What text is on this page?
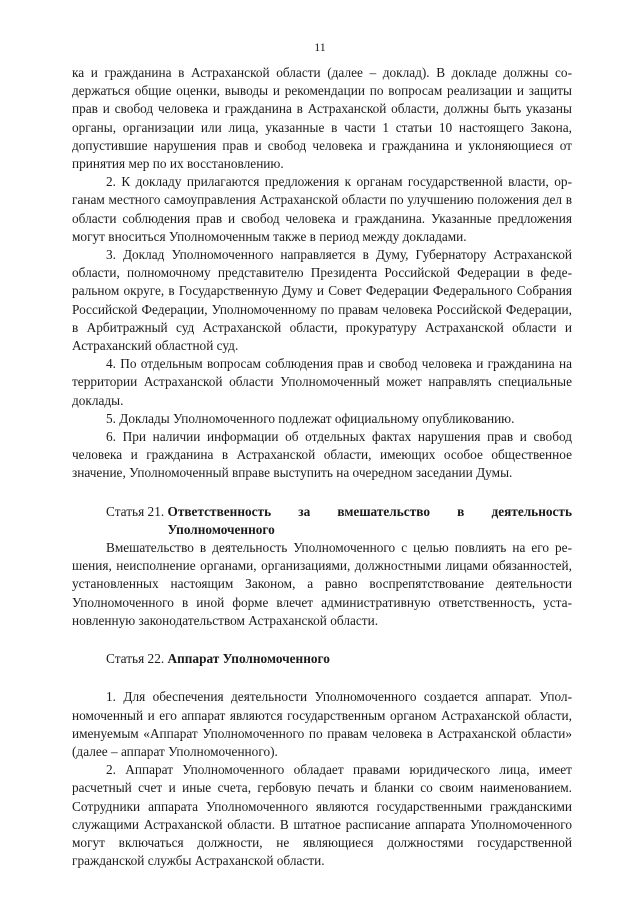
11

ка и гражданина в Астраханской области (далее – доклад). В докладе должны содержаться общие оценки, выводы и рекомендации по вопросам реализации и защиты прав и свобод человека и гражданина в Астраханской области, должны быть указаны органы, организации или лица, указанные в части 1 статьи 10 настоящего Закона, допустившие нарушения прав и свобод человека и гражданина и уклоняющиеся от принятия мер по их восстановлению.

2. К докладу прилагаются предложения к органам государственной власти, органам местного самоуправления Астраханской области по улучшению положения дел в области соблюдения прав и свобод человека и гражданина. Указанные предложения могут вноситься Уполномоченным также в период между докладами.

3. Доклад Уполномоченного направляется в Думу, Губернатору Астраханской области, полномочному представителю Президента Российской Федерации в федеральном округе, в Государственную Думу и Совет Федерации Федерального Собрания Российской Федерации, Уполномоченному по правам человека Российской Федерации, в Арбитражный суд Астраханской области, прокуратуру Астраханской области и Астраханский областной суд.

4. По отдельным вопросам соблюдения прав и свобод человека и гражданина на территории Астраханской области Уполномоченный может направлять специальные доклады.

5. Доклады Уполномоченного подлежат официальному опубликованию.

6. При наличии информации об отдельных фактах нарушения прав и свобод человека и гражданина в Астраханской области, имеющих особое общественное значение, Уполномоченный вправе выступить на очередном заседании Думы.

Статья 21. Ответственность за вмешательство в деятельность
Уполномоченного

Вмешательство в деятельность Уполномоченного с целью повлиять на его решения, неисполнение органами, организациями, должностными лицами обязанностей, установленных настоящим Законом, а равно воспрепятствование деятельности Уполномоченного в иной форме влечет административную ответственность, установленную законодательством Астраханской области.

Статья 22. Аппарат Уполномоченного

1. Для обеспечения деятельности Уполномоченного создается аппарат. Уполномоченный и его аппарат являются государственным органом Астраханской области, именуемым «Аппарат Уполномоченного по правам человека в Астраханской области» (далее – аппарат Уполномоченного).

2. Аппарат Уполномоченного обладает правами юридического лица, имеет расчетный счет и иные счета, гербовую печать и бланки со своим наименованием. Сотрудники аппарата Уполномоченного являются государственными гражданскими служащими Астраханской области. В штатное расписание аппарата Уполномоченного могут включаться должности, не являющиеся должностями государственной гражданской службы Астраханской области.
